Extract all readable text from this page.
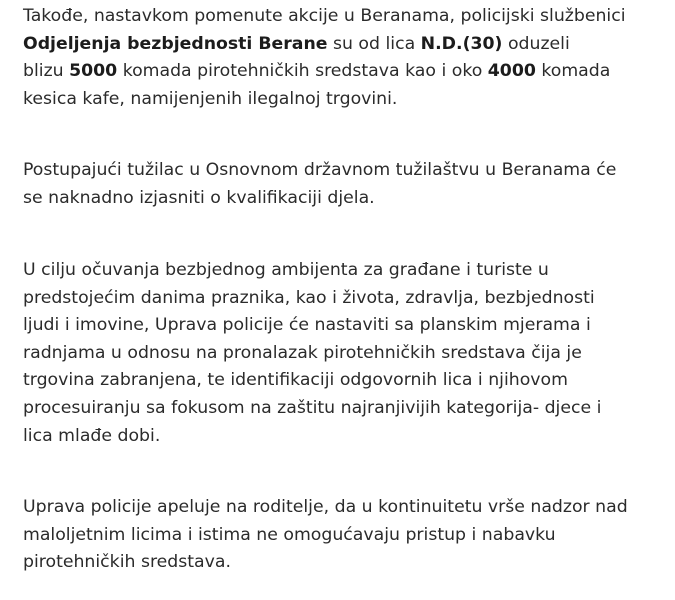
Takođe, nastavkom pomenute akcije u Beranama, policijski službenici
Odjeljenja bezbjednosti Berane su od lica N.D.(30) oduzeli
blizu 5000 komada pirotehničkih sredstava kao i oko 4000 komada
kesica kafe, namijenjenih ilegalnoj trgovini.

Postupajući tužilac u Osnovnom državnom tužilaštvu u Beranama će
se naknadno izjasniti o kvalifikaciji djela.

U cilju očuvanja bezbjednog ambijenta za građane i turiste u
predstojećim danima praznika, kao i života, zdravlja, bezbjednosti
ljudi i imovine, Uprava policije će nastaviti sa planskim mjerama i
radnjama u odnosu na pronalazak pirotehničkih sredstava čija je
trgovina zabranjena, te identifikaciji odgovornih lica i njihovom
procesuiranju sa fokusom na zaštitu najranjivijih kategorija- djece i
lica mlađe dobi.

Uprava policije apeluje na roditelje, da u kontinuitetu vrše nadzor nad
maloljetnim licima i istima ne omogućavaju pristup i nabavku
pirotehničkih sredstava.
